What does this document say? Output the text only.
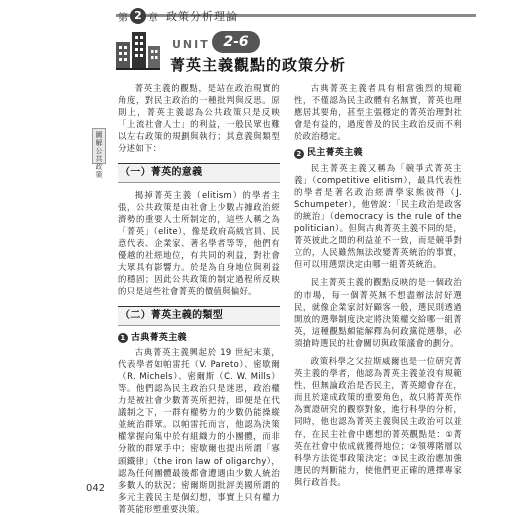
第 2 章 政策分析理論
UNIT 2-6
菁英主義觀點的政策分析
圖解公共政策

菁英主義的觀點，是站在政治現實的角度，對民主政治的一種批判與反思。原則上，菁英主義認為公共政策只是反映「上流社會人士」的利益，一般民眾也難以左右政策的規劃與執行；其意義與類型分述如下：

（一）菁英的意義

揭掉菁英主義（elitism）的學者主張，公共政策是由社會上少數占據政治經濟勢的重要人士所制定的，這些人稱之為「菁英」（elite），像是政府高級官員、民意代表、企業家、著名學者等等，他們有優越的社經地位，有共同的利益，對社會大眾具有影響力。於是為自身地位與利益的穩固；因此公共政策的制定過程所反映的只是這些社會菁英的價值與偏好。

（二）菁英主義的類型
1 古典菁英主義

古典菁英主義興起於 19 世紀末葉，代表學者如帕雷托（V. Pareto）、密歇爾（R. Michels）、密爾斯（C. W. Mills）等。他們認為民主政治只是迷思，政治權力是被社會少數菁英所把持，即便是在代議制之下，一群有權勢力的少數仍能操縱並統治群眾。以帕雷托而言，他認為決策權掌握向集中於有組織力的小團體，而非分散的群眾手中；密歇爾也提出所謂「寡頭鐵律」（the iron law of oligarchy），認為任何團體最後都會遭遇由少數人統治多數人的狀況；密爾斯則批評美國所謂的多元主義民主是個幻想，事實上只有權力菁英能形塑重要決策。

古典菁英主義者具有相當強烈的規範性，不僅認為民主政體有名無實，菁英也理應居其要角，甚至主張穩定的菁英治理對社會是有益的，過度普及的民主政治反而不利於政治穩定。

2 民主菁英主義

民主菁英主義又稱為「競爭式菁英主義」（competitive elitism），最具代表性的學者是著名政治經濟學家熊彼得（J. Schumpeter），他曾說：「民主政治是政客的統治」（democracy is the rule of the politician）。但與古典菁英主義不同的是，菁英彼此之間的利益並不一致，而是競爭對立的，人民雖然無法改變菁英統治的事實，但可以用選票決定由哪一組菁英統治。

民主菁英主義的觀點反映的是一個政治的市場，每一個菁英無不想盡辦法討好選民，就像企業家討好顧客一般，選民則透過開放的選舉制度決定將決策權交給哪一組菁英，這種觀點頗能解釋為何政黨從選舉，必須搶時選民的社會關切與政策議會的劃分。

政策科學之父拉斯威爾也是一位研究菁英主義的學者，他認為菁英主義並沒有規範性，但無論政治是否民主，菁英總會存在，而且於達成政策的重要角色，故只將菁英作為實證研究的觀察對象，進行科學的分析，同時，他也認為菁英主義與民主政治可以並存，在民主社會中應想的菁英觀點是：①菁英在社會中依成就獲得地位；②領導階層以科學方法從事政策決定；③民主政治應加強選民的判斷能力，使他們更正確的選擇專家與行政首長。

042
